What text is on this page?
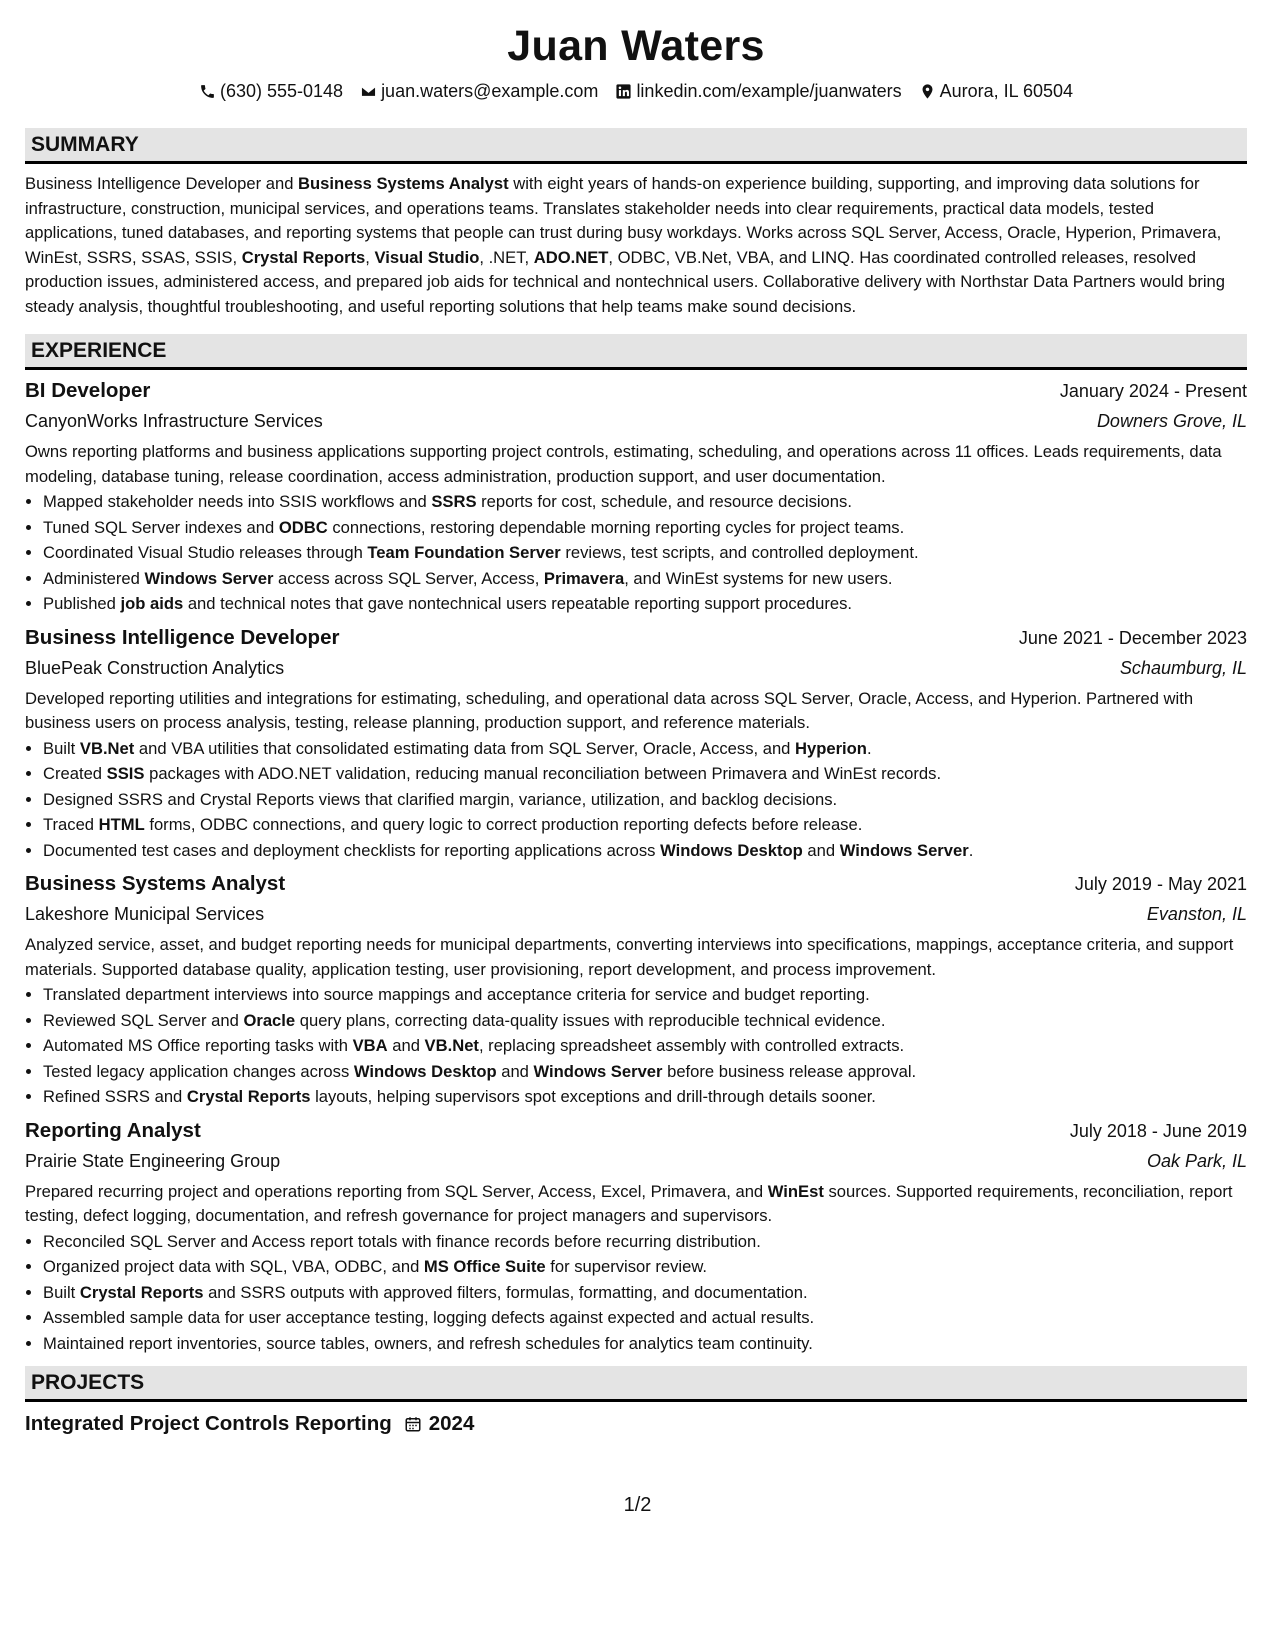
Juan Waters
(630) 555-0148 juan.waters@example.com linkedin.com/example/juanwaters Aurora, IL 60504
SUMMARY

Business Intelligence Developer and Business Systems Analyst with eight years of hands-on experience building, supporting, and improving data solutions for infrastructure, construction, municipal services, and operations teams. Translates stakeholder needs into clear requirements, practical data models, tested applications, tuned databases, and reporting systems that people can trust during busy workdays. Works across SQL Server, Access, Oracle, Hyperion, Primavera, WinEst, SSRS, SSAS, SSIS, Crystal Reports, Visual Studio, .NET, ADO.NET, ODBC, VB.Net, VBA, and LINQ. Has coordinated controlled releases, resolved production issues, administered access, and prepared job aids for technical and nontechnical users. Collaborative delivery with Northstar Data Partners would bring steady analysis, thoughtful troubleshooting, and useful reporting solutions that help teams make sound decisions.

EXPERIENCE
BI Developer	January 2024 - Present
CanyonWorks Infrastructure Services	Downers Grove, IL

Owns reporting platforms and business applications supporting project controls, estimating, scheduling, and operations across 11 offices. Leads requirements, data modeling, database tuning, release coordination, access administration, production support, and user documentation.

• Mapped stakeholder needs into SSIS workflows and SSRS reports for cost, schedule, and resource decisions.
• Tuned SQL Server indexes and ODBC connections, restoring dependable morning reporting cycles for project teams.
• Coordinated Visual Studio releases through Team Foundation Server reviews, test scripts, and controlled deployment.
• Administered Windows Server access across SQL Server, Access, Primavera, and WinEst systems for new users.
• Published job aids and technical notes that gave nontechnical users repeatable reporting support procedures.
Business Intelligence Developer	June 2021 - December 2023
BluePeak Construction Analytics	Schaumburg, IL

Developed reporting utilities and integrations for estimating, scheduling, and operational data across SQL Server, Oracle, Access, and Hyperion. Partnered with business users on process analysis, testing, release planning, production support, and reference materials.

• Built VB.Net and VBA utilities that consolidated estimating data from SQL Server, Oracle, Access, and Hyperion.
• Created SSIS packages with ADO.NET validation, reducing manual reconciliation between Primavera and WinEst records.
• Designed SSRS and Crystal Reports views that clarified margin, variance, utilization, and backlog decisions.
• Traced HTML forms, ODBC connections, and query logic to correct production reporting defects before release.
• Documented test cases and deployment checklists for reporting applications across Windows Desktop and Windows Server.
Business Systems Analyst	July 2019 - May 2021
Lakeshore Municipal Services	Evanston, IL

Analyzed service, asset, and budget reporting needs for municipal departments, converting interviews into specifications, mappings, acceptance criteria, and support materials. Supported database quality, application testing, user provisioning, report development, and process improvement.

• Translated department interviews into source mappings and acceptance criteria for service and budget reporting.
• Reviewed SQL Server and Oracle query plans, correcting data-quality issues with reproducible technical evidence.
• Automated MS Office reporting tasks with VBA and VB.Net, replacing spreadsheet assembly with controlled extracts.
• Tested legacy application changes across Windows Desktop and Windows Server before business release approval.
• Refined SSRS and Crystal Reports layouts, helping supervisors spot exceptions and drill-through details sooner.
Reporting Analyst	July 2018 - June 2019
Prairie State Engineering Group	Oak Park, IL

Prepared recurring project and operations reporting from SQL Server, Access, Excel, Primavera, and WinEst sources. Supported requirements, reconciliation, report testing, defect logging, documentation, and refresh governance for project managers and supervisors.

• Reconciled SQL Server and Access report totals with finance records before recurring distribution.
• Organized project data with SQL, VBA, ODBC, and MS Office Suite for supervisor review.
• Built Crystal Reports and SSRS outputs with approved filters, formulas, formatting, and documentation.
• Assembled sample data for user acceptance testing, logging defects against expected and actual results.
• Maintained report inventories, source tables, owners, and refresh schedules for analytics team continuity.
PROJECTS
Integrated Project Controls Reporting 2024
1/2
